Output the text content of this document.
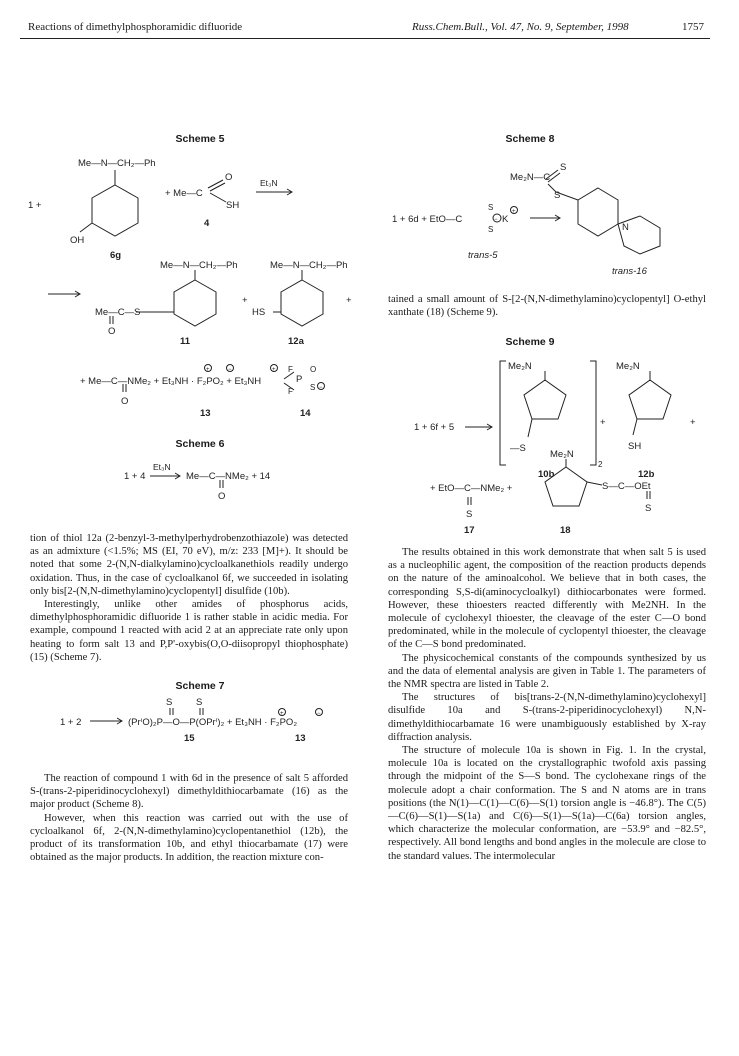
Reactions of dimethylphosphoramidic difluoride	Russ.Chem.Bull., Vol. 47, No. 9, September, 1998	1757
Scheme 5
Me—N—CH₂—Ph
1 +
OH
+ Me—C
O
SH
Et₃N
6g
4
Me—N—CH₂—Ph	Me—N—CH₂—Ph
Me—C—S
O
HS
+	+
11	12a
+	−	+
−
+ Me—C—NMe₂ + Et₃NH · F₂PO₂ + Et₃NH
F
P
F
O
S
O
13	14
Scheme 6
1 + 4
Et₃N
Me—C—NMe₂ + 14
O
Scheme 7
S S
+	−
1 + 2	(PrⁱO)₂P—O—P(OPrⁱ)₂ + Et₃NH · F₂PO₂
15	13
Scheme 8
Me₂N—C
S
S
N
1 + 6d + EtO—C
S
S
− K
+
trans-5
trans-16
Scheme 9
Me₂N	Me₂N
1 + 6f + 5
—S
2
+	+
SH
Me₂N
+ EtO—C—NMe₂ +
S
S—C—OEt
S
10b	12b
17	18

tion of thiol 12a (2-benzyl-3-methylperhydrobenzothiazole) was detected as an admixture (<1.5%; MS (EI, 70 eV), m/z: 233 [M]+). It should be noted that some 2-(N,N-dialkylamino)cycloalkanethiols readily undergo oxidation. Thus, in the case of cycloalkanol 6f, we succeeded in isolating only bis[2-(N,N-dimethylamino)cyclopentyl] disulfide (10b).

Interestingly, unlike other amides of phosphorus acids, dimethylphosphoramidic difluoride 1 is rather stable in acidic media. For example, compound 1 reacted with acid 2 at an appreciate rate only upon heating to form salt 13 and P,P'-oxybis(O,O-diisopropyl thiophosphate) (15) (Scheme 7).

The reaction of compound 1 with 6d in the presence of salt 5 afforded S-(trans-2-piperidinocyclohexyl) dimethyldithiocarbamate (16) as the major product (Scheme 8).

However, when this reaction was carried out with the use of cycloalkanol 6f, 2-(N,N-dimethylamino)cyclopentanethiol (12b), the product of its transformation 10b, and ethyl thiocarbamate (17) were obtained as the major products. In addition, the reaction mixture con-

tained a small amount of S-[2-(N,N-dimethylamino)cyclopentyl] O-ethyl xanthate (18) (Scheme 9).

The results obtained in this work demonstrate that when salt 5 is used as a nucleophilic agent, the composition of the reaction products depends on the nature of the aminoalcohol. We believe that in both cases, the corresponding S,S-di(aminocycloalkyl) dithiocarbonates were formed. However, these thioesters reacted differently with Me2NH. In the molecule of cyclohexyl thioester, the cleavage of the ester C—O bond predominated, while in the molecule of cyclopentyl thioester, the cleavage of the C—S bond predominated.

The physicochemical constants of the compounds synthesized by us and the data of elemental analysis are given in Table 1. The parameters of the NMR spectra are listed in Table 2.

The structures of bis[trans-2-(N,N-dimethylamino)cyclohexyl] disulfide 10a and S-(trans-2-piperidinocyclohexyl) N,N-dimethyldithiocarbamate 16 were unambiguously established by X-ray diffraction analysis.

The structure of molecule 10a is shown in Fig. 1. In the crystal, molecule 10a is located on the crystallographic twofold axis passing through the midpoint of the S—S bond. The cyclohexane rings of the molecule adopt a chair conformation. The S and N atoms are in trans positions (the N(1)—C(1)—C(6)—S(1) torsion angle is −46.8°). The C(5)—C(6)—S(1)—S(1a) and C(6)—S(1)—S(1a)—C(6a) torsion angles, which characterize the molecular conformation, are −53.9° and −82.5°, respectively. All bond lengths and bond angles in the molecule are close to the standard values. The intermolecular
